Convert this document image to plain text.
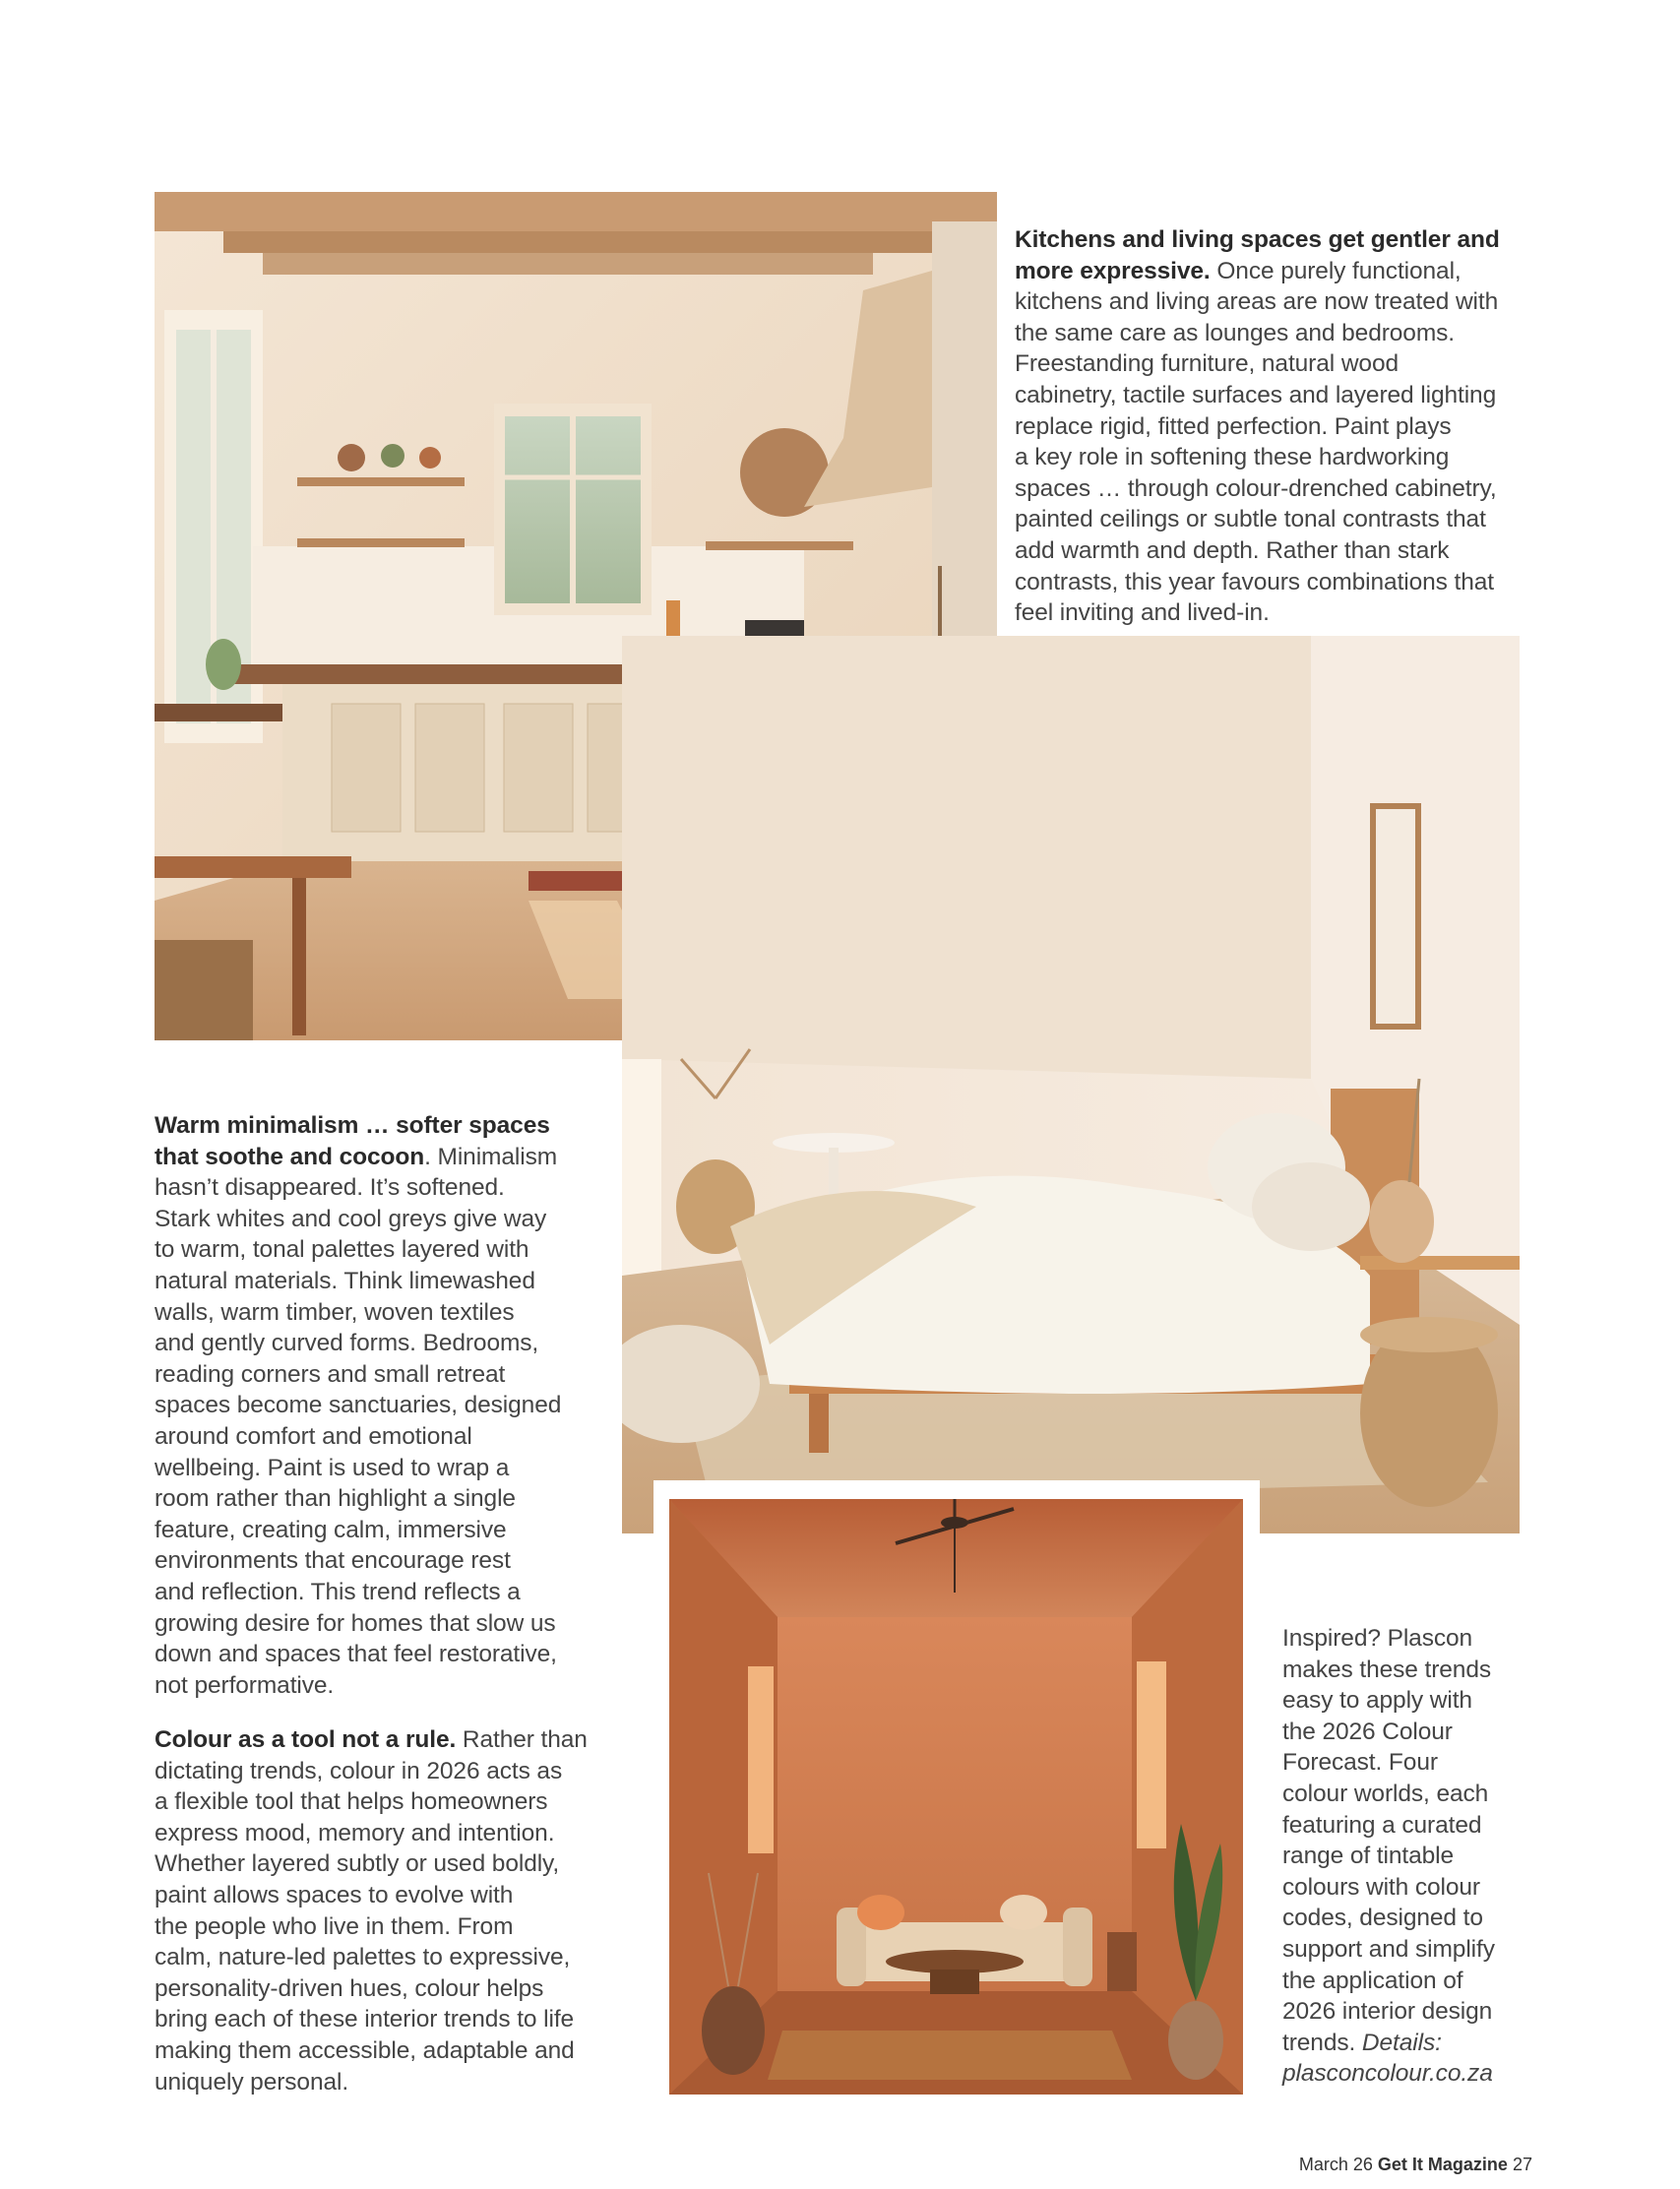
Kitchens and living spaces get gentler and
more expressive. Once purely functional,
kitchens and living areas are now treated with
the same care as lounges and bedrooms.
Freestanding furniture, natural wood
cabinetry, tactile surfaces and layered lighting
replace rigid, fitted perfection. Paint plays
a key role in softening these hardworking
spaces … through colour-drenched cabinetry,
painted ceilings or subtle tonal contrasts that
add warmth and depth. Rather than stark
contrasts, this year favours combinations that
feel inviting and lived-in.
Warm minimalism … softer spaces
that soothe and cocoon. Minimalism
hasn’t disappeared. It’s softened.
Stark whites and cool greys give way
to warm, tonal palettes layered with
natural materials. Think limewashed
walls, warm timber, woven textiles
and gently curved forms. Bedrooms,
reading corners and small retreat
spaces become sanctuaries, designed
around comfort and emotional
wellbeing. Paint is used to wrap a
room rather than highlight a single
feature, creating calm, immersive
environments that encourage rest
and reflection. This trend reflects a
growing desire for homes that slow us
down and spaces that feel restorative,
not performative.
Colour as a tool not a rule. Rather than
dictating trends, colour in 2026 acts as
a flexible tool that helps homeowners
express mood, memory and intention.
Whether layered subtly or used boldly,
paint allows spaces to evolve with
the people who live in them. From
calm, nature-led palettes to expressive,
personality-driven hues, colour helps
bring each of these interior trends to life
making them accessible, adaptable and
uniquely personal.
Inspired? Plascon
makes these trends
easy to apply with
the 2026 Colour
Forecast. Four
colour worlds, each
featuring a curated
range of tintable
colours with colour
codes, designed to
support and simplify
the application of
2026 interior design
trends. Details:
plasconcolour.co.za
March 26 Get It Magazine 27
